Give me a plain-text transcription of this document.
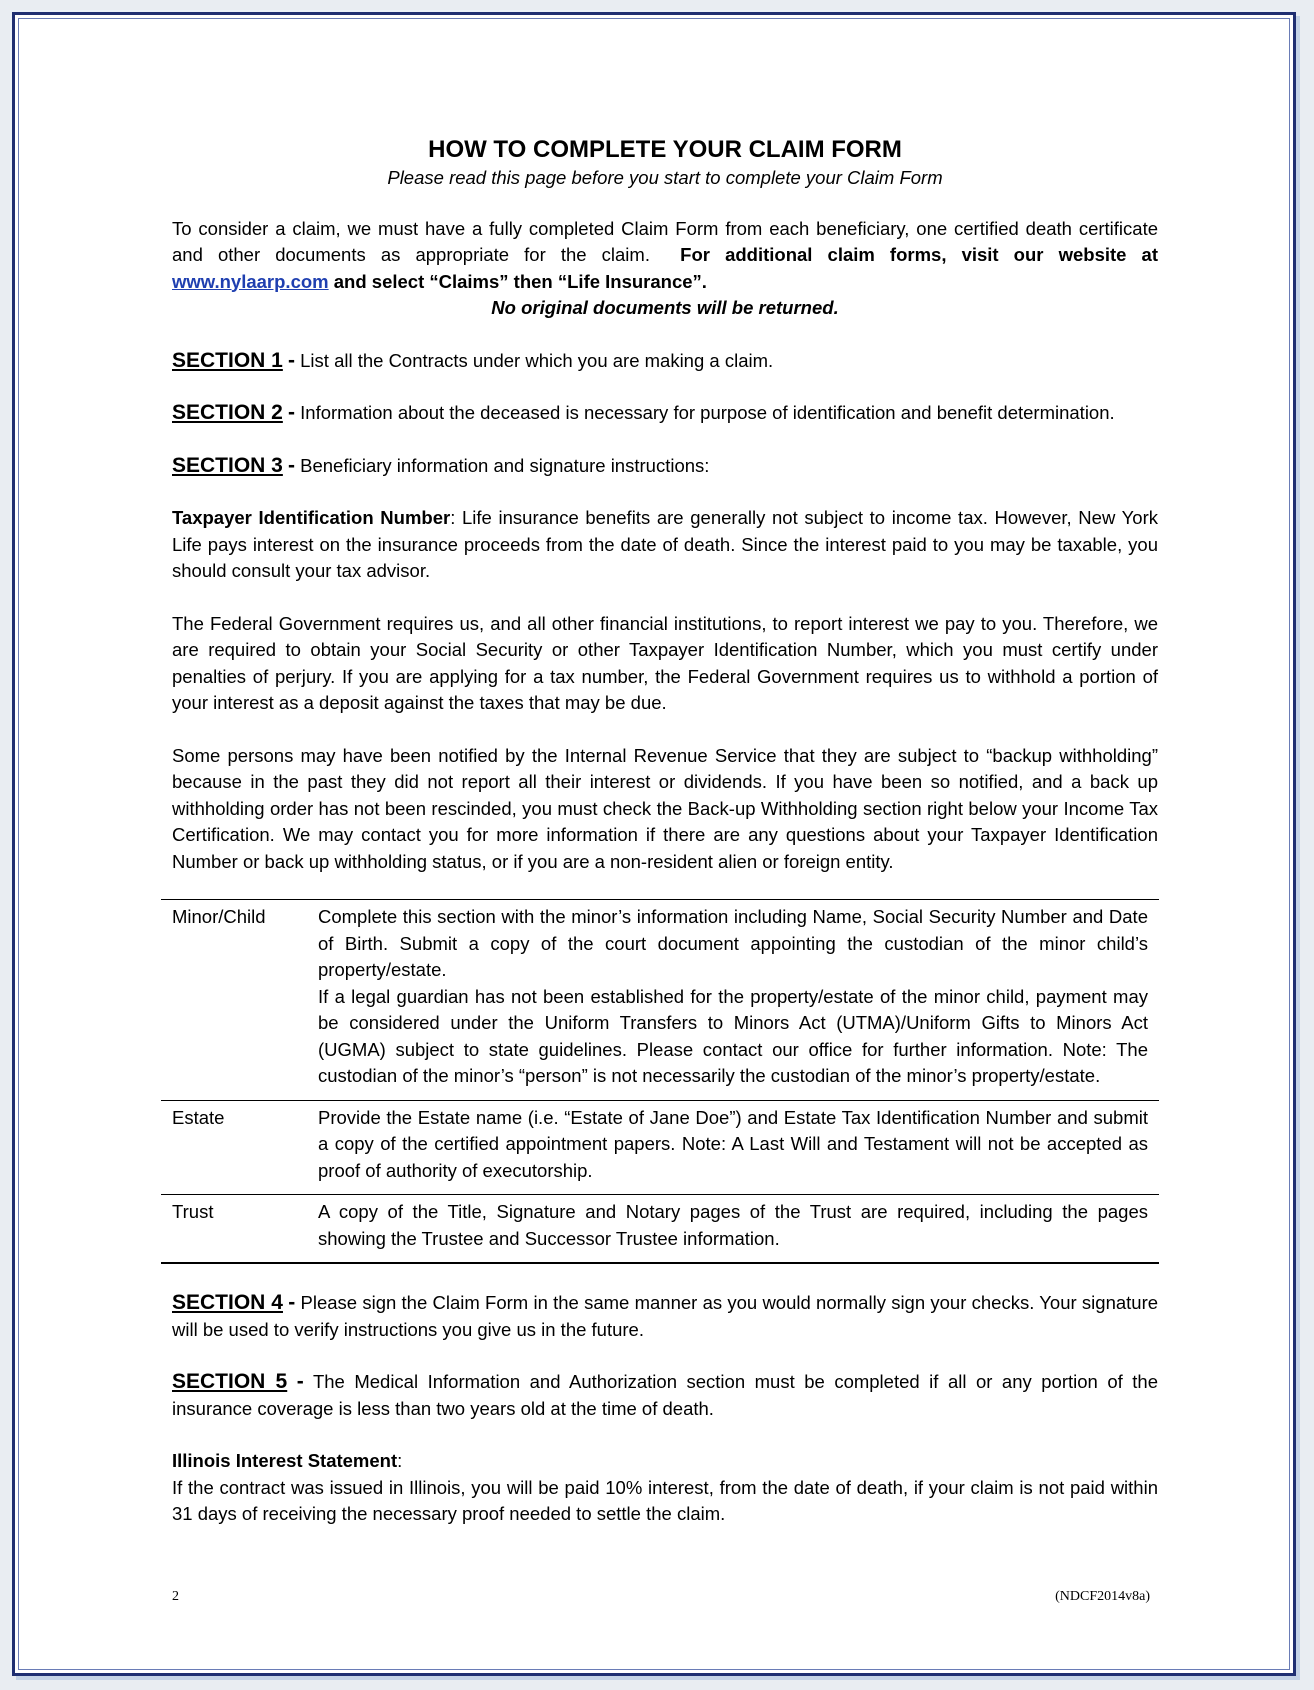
HOW TO COMPLETE YOUR CLAIM FORM

Please read this page before you start to complete your Claim Form

To consider a claim, we must have a fully completed Claim Form from each beneficiary, one certified death certificate and other documents as appropriate for the claim. For additional claim forms, visit our website at www.nylaarp.com and select “Claims” then “Life Insurance”.

No original documents will be returned.

SECTION 1 - List all the Contracts under which you are making a claim.

SECTION 2 - Information about the deceased is necessary for purpose of identification and benefit determination.

SECTION 3 - Beneficiary information and signature instructions:

Taxpayer Identification Number: Life insurance benefits are generally not subject to income tax. However, New York Life pays interest on the insurance proceeds from the date of death. Since the interest paid to you may be taxable, you should consult your tax advisor.

The Federal Government requires us, and all other financial institutions, to report interest we pay to you. Therefore, we are required to obtain your Social Security or other Taxpayer Identification Number, which you must certify under penalties of perjury. If you are applying for a tax number, the Federal Government requires us to withhold a portion of your interest as a deposit against the taxes that may be due.

Some persons may have been notified by the Internal Revenue Service that they are subject to “backup withholding” because in the past they did not report all their interest or dividends. If you have been so notified, and a back up withholding order has not been rescinded, you must check the Back-up Withholding section right below your Income Tax Certification. We may contact you for more information if there are any questions about your Taxpayer Identification Number or back up withholding status, or if you are a non-resident alien or foreign entity.

Minor/Child	Complete this section with the minor’s information including Name, Social Security Number and Date of Birth. Submit a copy of the court document appointing the custodian of the minor child’s property/estate.
If a legal guardian has not been established for the property/estate of the minor child, payment may be considered under the Uniform Transfers to Minors Act (UTMA)/Uniform Gifts to Minors Act (UGMA) subject to state guidelines. Please contact our office for further information. Note: The custodian of the minor’s “person” is not necessarily the custodian of the minor’s property/estate.

Estate	Provide the Estate name (i.e. “Estate of Jane Doe”) and Estate Tax Identification Number and submit a copy of the certified appointment papers. Note: A Last Will and Testament will not be accepted as proof of authority of executorship.
Trust	A copy of the Title, Signature and Notary pages of the Trust are required, including the pages showing the Trustee and Successor Trustee information.

SECTION 4 - Please sign the Claim Form in the same manner as you would normally sign your checks. Your signature will be used to verify instructions you give us in the future.

SECTION 5 - The Medical Information and Authorization section must be completed if all or any portion of the insurance coverage is less than two years old at the time of death.

Illinois Interest Statement:

If the contract was issued in Illinois, you will be paid 10% interest, from the date of death, if your claim is not paid within 31 days of receiving the necessary proof needed to settle the claim.

2	(NDCF2014v8a)
